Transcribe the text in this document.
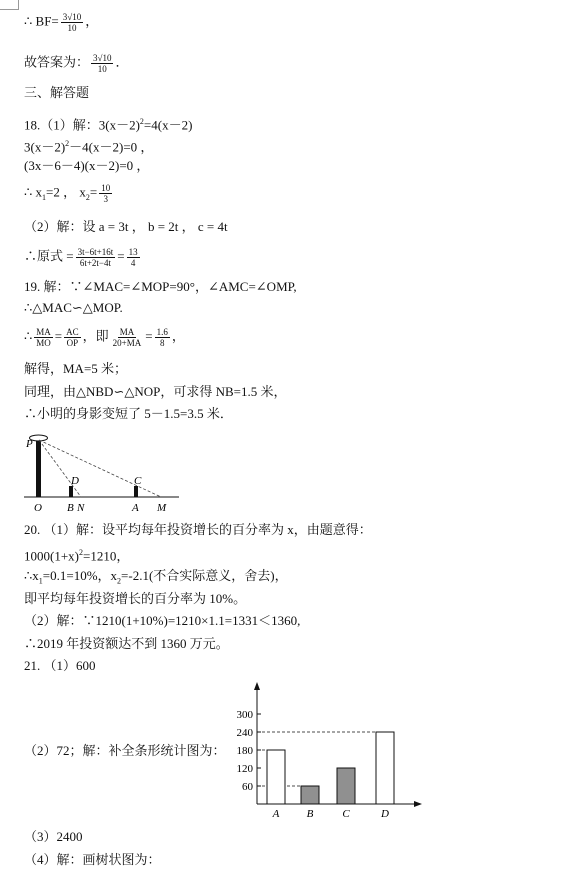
∴ $BF= \frac{3√10}{10}$ ，
故答案为： $\frac{3√10}{10}$ ．
三、解答题
18.（1）解：$3(x-2)^2=4(x-2)$
$3(x-2)^2-4(x-2)=0$ ，
(3x－6－4)(x－2)=0 ，
∴ $x_1=2$ ， $x_2= \frac{10}{3}$
（2）解：设 a = 3t ， b = 2t ， c = 4t
∴原式 = $\frac{3t-6t+16t}{6t+2t-4t} = \frac{13}{4}$
19. 解：∵∠MAC=∠MOP=90°，∠AMC=∠OMP,
∴△MAC∽△MOP.
∴ $\frac{MA}{MO} = \frac{AC}{OP}$ ，即 $\frac{MA}{20+MA} = \frac{1.6}{8}$ ，
解得，MA=5 米；
同理，由△NBD∽△NOP，可求得 NB=1.5 米，
∴小明的身影变短了 5－1.5=3.5 米．
P
D	C
O B N	A M
20. （1）解：设平均每年投资增长的百分率为 x，由题意得：
$1000(1+x)^2=1210$，
$\therefore x_1=0.1=10\%$，$x_2=-2.1$(不合实际意义，舍去)，
即平均每年投资增长的百分率为 10%。
（2）解：∵1210(1+10%)=1210×1.1=1331＜1360,
∴2019 年投资额达不到 1360 万元。
21. （1）600
（2）72；解：补全条形统计图为：
（3）2400
（4）解：画树状图为：
60
120
180
240
300
A B	C	D
